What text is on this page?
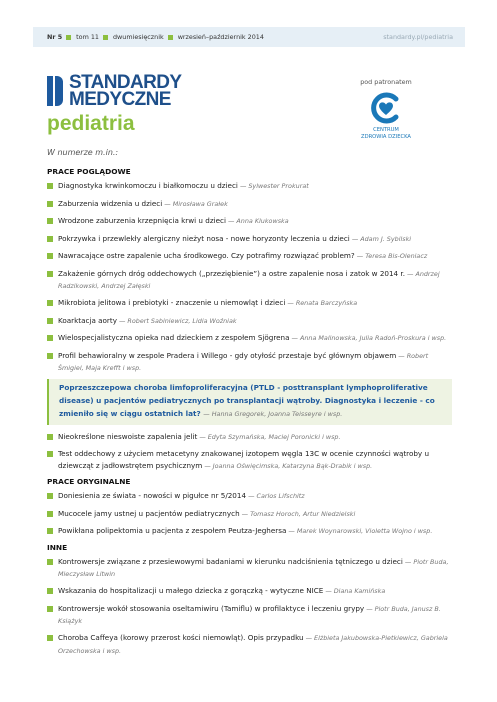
Nr 5 tom 11 dwumiesięcznik wrzesień–październik 2014	standardy.pl/pediatria
STANDARDY
MEDYCZNE
pediatria
pod patronatem
CENTRUM
ZDROWIA DZIECKA
W numerze m.in.:
PRACE POGLĄDOWE
Diagnostyka krwinkomoczu i białkomoczu u dzieci — Sylwester Prokurat
Zaburzenia widzenia u dzieci — Mirosława Grałek
Wrodzone zaburzenia krzepnięcia krwi u dzieci — Anna Klukowska
Pokrzywka i przewlekły alergiczny nieżyt nosa - nowe horyzonty leczenia u dzieci — Adam J. Sybilski
Nawracające ostre zapalenie ucha środkowego. Czy potrafimy rozwiązać problem? — Teresa Bis-Oleniacz
Zakażenie górnych dróg oddechowych („przeziębienie”) a ostre zapalenie nosa i zatok w 2014 r. — Andrzej Radzikowski, Andrzej Załęski
Mikrobiota jelitowa i prebiotyki - znaczenie u niemowląt i dzieci — Renata Barczyńska
Koarktacja aorty — Robert Sabiniewicz, Lidia Woźniak
Wielospecjalistyczna opieka nad dzieckiem z zespołem Sjögrena — Anna Malinowska, Julia Radoń-Proskura i wsp.
Profil behawioralny w zespole Pradera i Willego - gdy otyłość przestaje być głównym objawem — Robert Śmigiel, Maja Krefft i wsp.
Poprzeszczepowa choroba limfoproliferacyjna (PTLD - posttransplant lymphoproliferative disease) u pacjentów pediatrycznych po transplantacji wątroby. Diagnostyka i leczenie - co zmieniło się w ciągu ostatnich lat? — Hanna Gregorek, Joanna Teisseyre i wsp.
Nieokreślone nieswoiste zapalenia jelit — Edyta Szymańska, Maciej Poronicki i wsp.
Test oddechowy z użyciem metacetyny znakowanej izotopem węgla 13C w ocenie czynności wątroby u dziewcząt z jadłowstrętem psychicznym — Joanna Oświęcimska, Katarzyna Bąk-Drabik i wsp.
PRACE ORYGINALNE
Doniesienia ze świata - nowości w pigułce nr 5/2014 — Carlos Lifschitz
Mucocele jamy ustnej u pacjentów pediatrycznych — Tomasz Horoch, Artur Niedzielski
Powikłana polipektomia u pacjenta z zespołem Peutza-Jeghersa — Marek Woynarowski, Violetta Wojno i wsp.
INNE
Kontrowersje związane z przesiewowymi badaniami w kierunku nadciśnienia tętniczego u dzieci — Piotr Buda, Mieczysław Litwin
Wskazania do hospitalizacji u małego dziecka z gorączką - wytyczne NICE — Diana Kamińska
Kontrowersje wokół stosowania oseltamiwiru (Tamiflu) w profilaktyce i leczeniu grypy — Piotr Buda, Janusz B. Książyk
Choroba Caffeya (korowy przerost kości niemowląt). Opis przypadku — Elżbieta Jakubowska-Pietkiewicz, Gabriela Orzechowska i wsp.
